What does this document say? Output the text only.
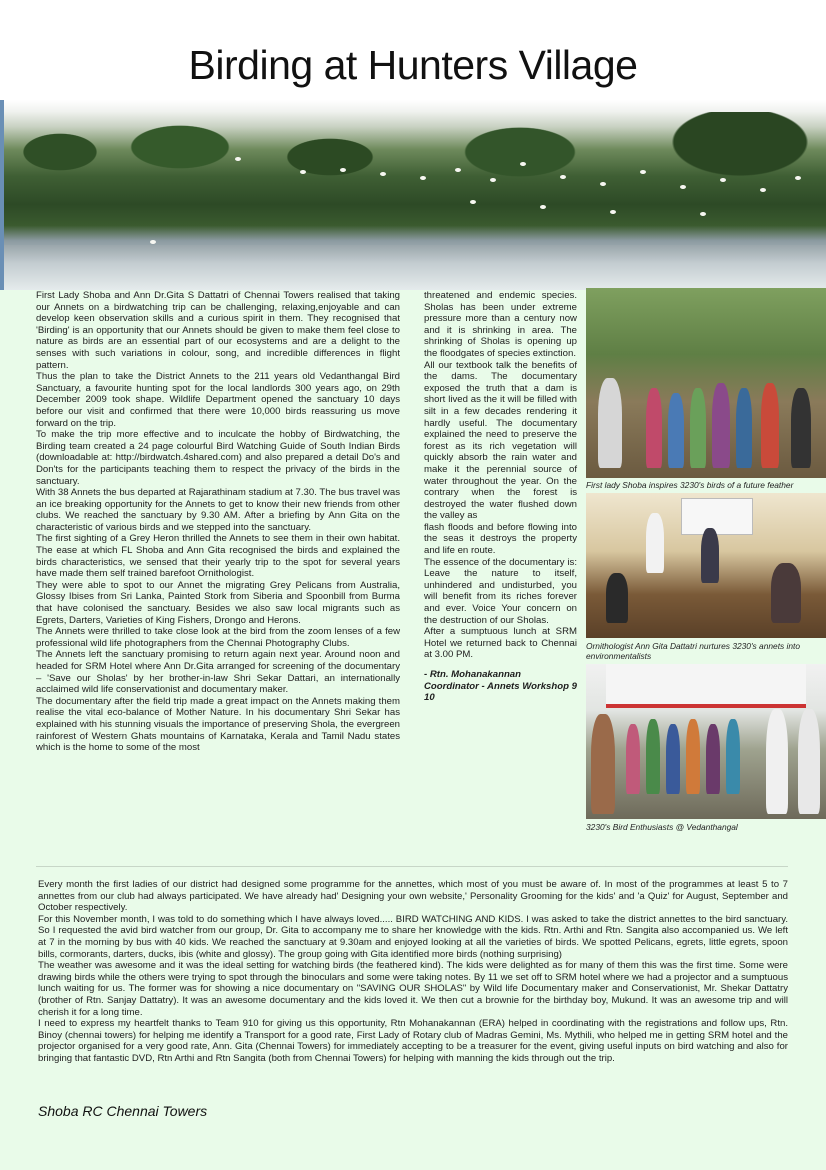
Birding at Hunters Village

First Lady Shoba and Ann Dr.Gita S Dattatri of Chennai Towers realised that taking our Annets on a birdwatching trip can be challenging, relaxing,enjoyable and can develop keen observation skills and a curious spirit in them. They recognised that 'Birding' is an opportunity that our Annets should be given to make them feel close to nature as birds are an essential part of our ecosystems and are a delight to the senses with such variations in colour, song, and incredible differences in flight pattern.

Thus the plan to take the District Annets to the 211 years old Vedanthangal Bird Sanctuary, a favourite hunting spot for the local landlords 300 years ago, on 29th December 2009 took shape. Wildlife Department opened the sanctuary 10 days before our visit and confirmed that there were 10,000 birds reassuring us move forward on the trip.

To make the trip more effective and to inculcate the hobby of Birdwatching, the Birding team created a 24 page colourful Bird Watching Guide of South Indian Birds (downloadable at: http://birdwatch.4shared.com) and also prepared a detail Do's and Don'ts for the participants teaching them to respect the privacy of the birds in the sanctuary.

With 38 Annets the bus departed at Rajarathinam stadium at 7.30. The bus travel was an ice breaking opportunity for the Annets to get to know their new friends from other clubs. We reached the sanctuary by 9.30 AM. After a briefing by Ann Gita on the characteristic of various birds and we stepped into the sanctuary.

The first sighting of a Grey Heron thrilled the Annets to see them in their own habitat. The ease at which FL Shoba and Ann Gita recognised the birds and explained the birds characteristics, we sensed that their yearly trip to the spot for several years have made them self trained barefoot Ornithologist.

They were able to spot to our Annet the migrating Grey Pelicans from Australia, Glossy Ibises from Sri Lanka, Painted Stork from Siberia and Spoonbill from Burma that have colonised the sanctuary. Besides we also saw local migrants such as Egrets, Darters, Varieties of King Fishers, Drongo and Herons.

The Annets were thrilled to take close look at the bird from the zoom lenses of a few professional wild life photographers from the Chennai Photography Clubs.

The Annets left the sanctuary promising to return again next year. Around noon and headed for SRM Hotel where Ann Dr.Gita arranged for screening of the documentary – 'Save our Sholas' by her brother-in-law Shri Sekar Dattari, an internationally acclaimed wild life conservationist and documentary maker.

The documentary after the field trip made a great impact on the Annets making them realise the vital eco-balance of Mother Nature. In his documentary Shri Sekar has explained with his stunning visuals the importance of preserving Shola, the evergreen rainforest of Western Ghats mountains of Karnataka, Kerala and Tamil Nadu states which is the home to some of the most

threatened and endemic species. Sholas has been under extreme pressure more than a century now and it is shrinking in area. The shrinking of Sholas is opening up the floodgates of species extinction.

All our textbook talk the benefits of the dams. The documentary exposed the truth that a dam is short lived as the it will be filled with silt in a few decades rendering it hardly useful. The documentary explained the need to preserve the forest as its rich vegetation will quickly absorb the rain water and make it the perennial source of water throughout the year. On the contrary when the forest is destroyed the water flushed down the valley as

flash floods and before flowing into the seas it destroys the property and life en route.

The essence of the documentary is: Leave the nature to itself, unhindered and undisturbed, you will benefit from its riches forever and ever. Voice Your concern on the destruction of our Sholas.

After a sumptuous lunch at SRM Hotel we returned back to Chennai at 3.00 PM.

- Rtn. Mohanakannan Coordinator - Annets Workshop 9 10

First lady Shoba inspires 3230's birds of a future feather
Ornithologist Ann Gita Dattatri nurtures 3230's annets into environmentalists
3230's Bird Enthusiasts @ Vedanthangal

Every month the first ladies of our district had designed some programme for the annettes, which most of you must be aware of. In most of the programmes at least 5 to 7 annettes from our club had always participated. We have already had' Designing your own website,' Personality Grooming for the kids' and 'a Quiz' for August, September and October respectively.

For this November month, I was told to do something which I have always loved..... BIRD WATCHING AND KIDS. I was asked to take the district annettes to the bird sanctuary. So I requested the avid bird watcher from our group, Dr. Gita to accompany me to share her knowledge with the kids. Rtn. Arthi and Rtn. Sangita also accompanied us. We left at 7 in the morning by bus with 40 kids. We reached the sanctuary at 9.30am and enjoyed looking at all the varieties of birds. We spotted Pelicans, egrets, little egrets, spoon bills, cormorants, darters, ducks, ibis (white and glossy). The group going with Gita identified more birds (nothing surprising)

The weather was awesome and it was the ideal setting for watching birds (the feathered kind). The kids were delighted as for many of them this was the first time. Some were drawing birds while the others were trying to spot through the binoculars and some were taking notes. By 11 we set off to SRM hotel where we had a projector and a sumptuous lunch waiting for us. The former was for showing a nice documentary on "SAVING OUR SHOLAS" by Wild life Documentary maker and Conservationist, Mr. Shekar Dattatry (brother of Rtn. Sanjay Dattatry). It was an awesome documentary and the kids loved it. We then cut a brownie for the birthday boy, Mukund. It was an awesome trip and will cherish it for a long time.

I need to express my heartfelt thanks to Team 910 for giving us this opportunity, Rtn Mohanakannan (ERA) helped in coordinating with the registrations and follow ups, Rtn. Binoy (chennai towers) for helping me identify a Transport for a good rate, First Lady of Rotary club of Madras Gemini, Ms. Mythili, who helped me in getting SRM hotel and the projector organised for a very good rate, Ann. Gita (Chennai Towers) for immediately accepting to be a treasurer for the event, giving useful inputs on bird watching and also for bringing that fantastic DVD, Rtn Arthi and Rtn Sangita (both from Chennai Towers) for helping with manning the kids through out the trip.

Shoba RC Chennai Towers
